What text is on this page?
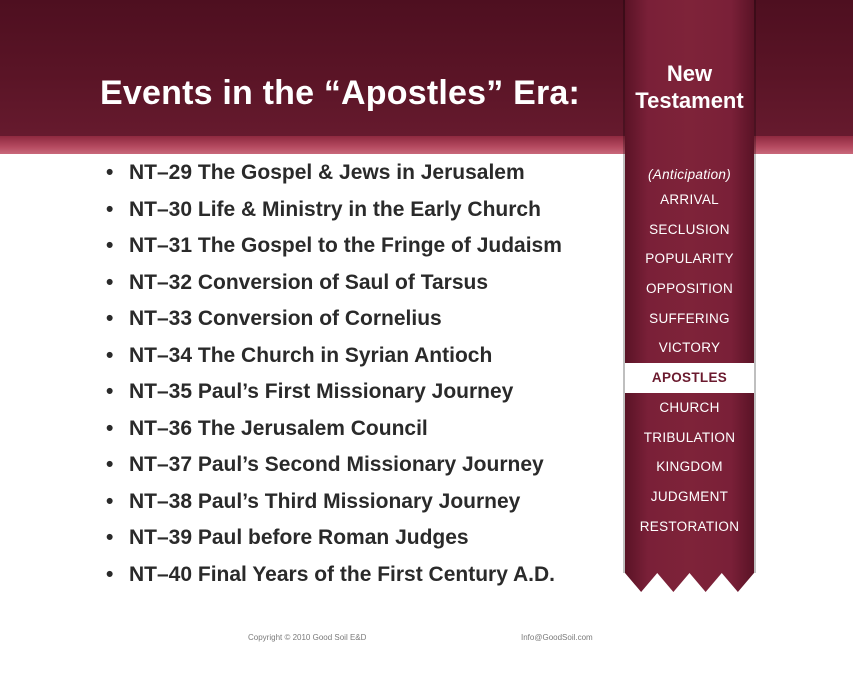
Events in the “Apostles” Era:
New
Testament
(Anticipation)
ARRIVAL
SECLUSION
POPULARITY
OPPOSITION
SUFFERING
VICTORY
APOSTLES
CHURCH
TRIBULATION
KINGDOM
JUDGMENT
RESTORATION
• NT–29 The Gospel & Jews in Jerusalem
• NT–30 Life & Ministry in the Early Church
• NT–31 The Gospel to the Fringe of Judaism
• NT–32 Conversion of Saul of Tarsus
• NT–33 Conversion of Cornelius
• NT–34 The Church in Syrian Antioch
• NT–35 Paul’s First Missionary Journey
• NT–36 The Jerusalem Council
• NT–37 Paul’s Second Missionary Journey
• NT–38 Paul’s Third Missionary Journey
• NT–39 Paul before Roman Judges
• NT–40 Final Years of the First Century A.D.
Copyright © 2010 Good Soil E&D	Info@GoodSoil.com
